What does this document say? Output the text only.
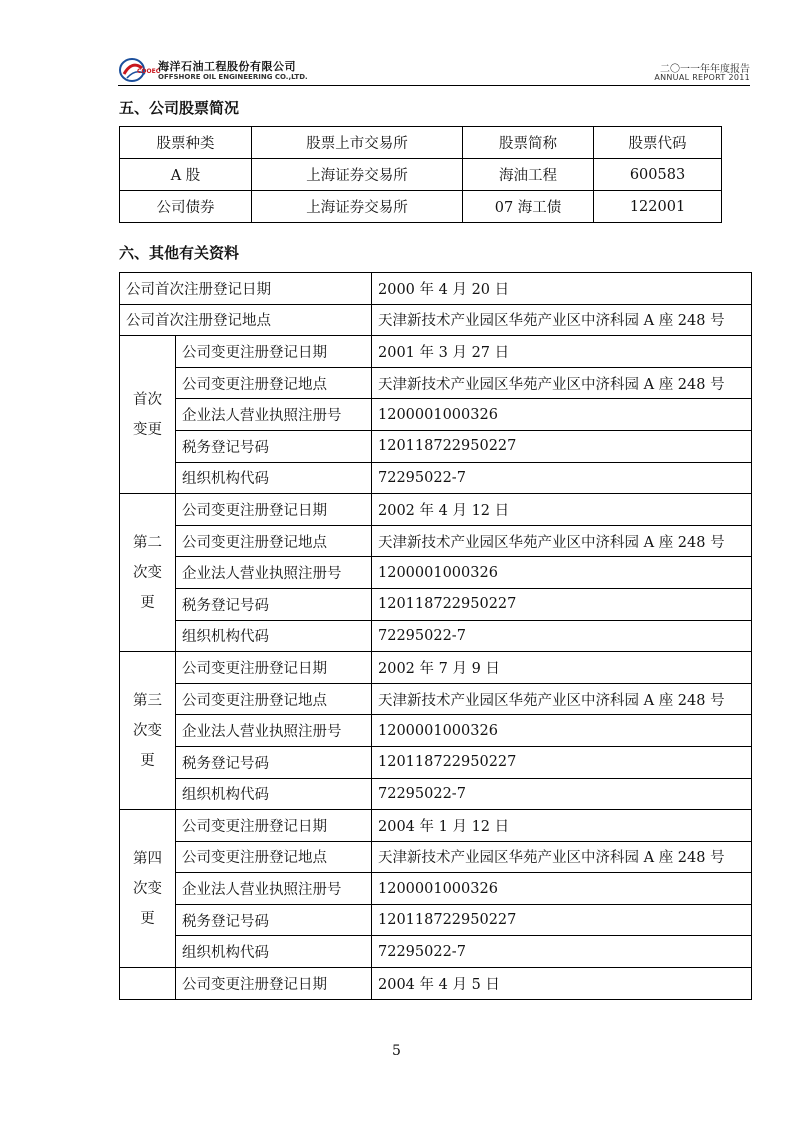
COOEC
海洋石油工程股份有限公司
OFFSHORE OIL ENGINEERING CO.,LTD.
二〇一一年年度报告
ANNUAL REPORT 2011
五、公司股票简况
股票种类	股票上市交易所	股票简称	股票代码
A 股	上海证券交易所	海油工程	600583
公司债券	上海证券交易所	07 海工债	122001
六、其他有关资料
公司首次注册登记日期		2000 年 4 月 20 日
公司首次注册登记地点		天津新技术产业园区华苑产业区中济科园 A 座 248 号

首次
变更	公司变更注册登记日期	2001 年 3 月 27 日
	公司变更注册登记地点	天津新技术产业园区华苑产业区中济科园 A 座 248 号
	企业法人营业执照注册号	1200001000326
	税务登记号码	120118722950227
	组织机构代码	72295022-7

第二
次变
更	公司变更注册登记日期	2002 年 4 月 12 日
	公司变更注册登记地点	天津新技术产业园区华苑产业区中济科园 A 座 248 号
	企业法人营业执照注册号	1200001000326
	税务登记号码	120118722950227
	组织机构代码	72295022-7

第三
次变
更	公司变更注册登记日期	2002 年 7 月 9 日
	公司变更注册登记地点	天津新技术产业园区华苑产业区中济科园 A 座 248 号
	企业法人营业执照注册号	1200001000326
	税务登记号码	120118722950227
	组织机构代码	72295022-7

第四
次变
更	公司变更注册登记日期	2004 年 1 月 12 日
	公司变更注册登记地点	天津新技术产业园区华苑产业区中济科园 A 座 248 号
	企业法人营业执照注册号	1200001000326
	税务登记号码	120118722950227
	组织机构代码	72295022-7
	公司变更注册登记日期	2004 年 4 月 5 日
5
